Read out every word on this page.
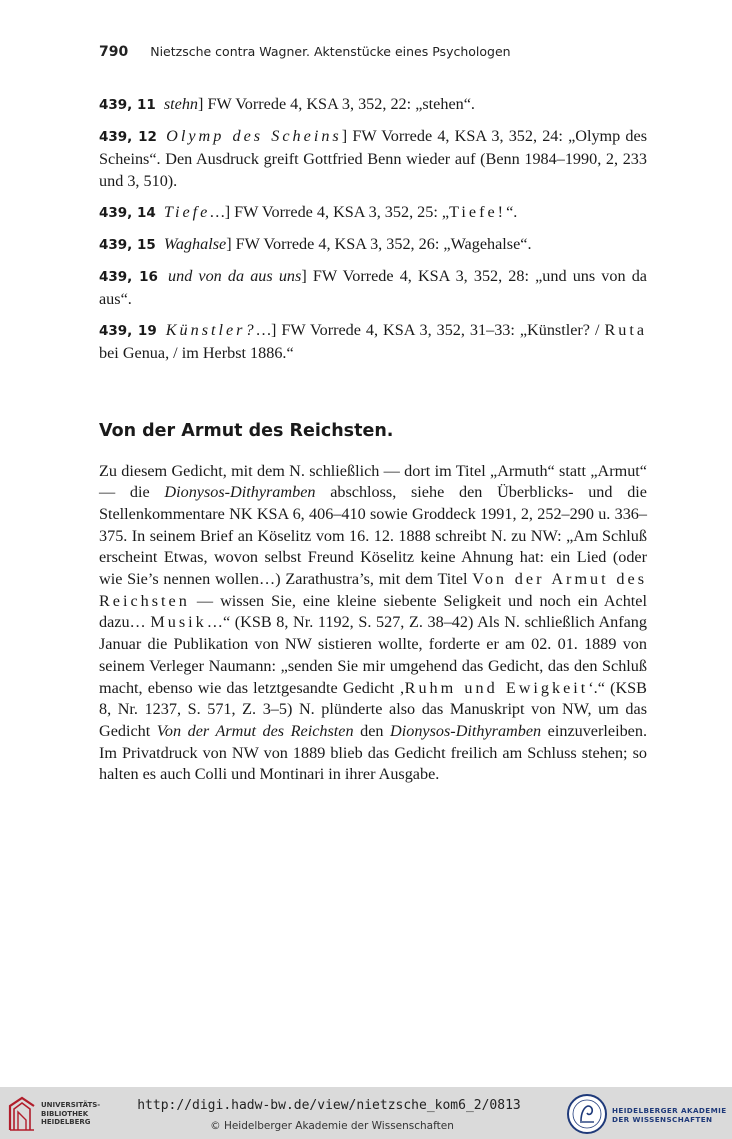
790 Nietzsche contra Wagner. Aktenstücke eines Psychologen

439, 11 stehn] FW Vorrede 4, KSA 3, 352, 22: „stehen“.

439, 12 Olymp des Scheins] FW Vorrede 4, KSA 3, 352, 24: „Olymp des Scheins“. Den Ausdruck greift Gottfried Benn wieder auf (Benn 1984–1990, 2, 233 und 3, 510).

439, 14 Tiefe…] FW Vorrede 4, KSA 3, 352, 25: „Tiefe!“.

439, 15 Waghalse] FW Vorrede 4, KSA 3, 352, 26: „Wagehalse“.

439, 16 und von da aus uns] FW Vorrede 4, KSA 3, 352, 28: „und uns von da aus“.

439, 19 Künstler?…] FW Vorrede 4, KSA 3, 352, 31–33: „Künstler? / Ruta bei Genua, / im Herbst 1886.“

Von der Armut des Reichsten.

Zu diesem Gedicht, mit dem N. schließlich — dort im Titel „Armuth“ statt „Armut“ — die Dionysos-Dithyramben abschloss, siehe den Überblicks- und die Stellenkommentare NK KSA 6, 406–410 sowie Groddeck 1991, 2, 252–290 u. 336–375. In seinem Brief an Köselitz vom 16. 12. 1888 schreibt N. zu NW: „Am Schluß erscheint Etwas, wovon selbst Freund Köselitz keine Ahnung hat: ein Lied (oder wie Sie’s nennen wollen…) Zarathustra’s, mit dem Titel Von der Armut des Reichsten — wissen Sie, eine kleine siebente Seligkeit und noch ein Achtel dazu… Musik…“ (KSB 8, Nr. 1192, S. 527, Z. 38–42) Als N. schließlich Anfang Januar die Publikation von NW sistieren wollte, forderte er am 02. 01. 1889 von seinem Verleger Naumann: „senden Sie mir umgehend das Gedicht, das den Schluß macht, ebenso wie das letztgesandte Gedicht ‚Ruhm und Ewigkeit‘.“ (KSB 8, Nr. 1237, S. 571, Z. 3–5) N. plünderte also das Manuskript von NW, um das Gedicht Von der Armut des Reichsten den Dionysos-Dithyramben einzuverleiben. Im Privatdruck von NW von 1889 blieb das Gedicht freilich am Schluss stehen; so halten es auch Colli und Montinari in ihrer Ausgabe.

UNIVERSITÄTS-
BIBLIOTHEK
HEIDELBERG
http://digi.hadw-bw.de/view/nietzsche_kom6_2/0813
© Heidelberger Akademie der Wissenschaften
HEIDELBERGER AKADEMIE
DER WISSENSCHAFTEN
